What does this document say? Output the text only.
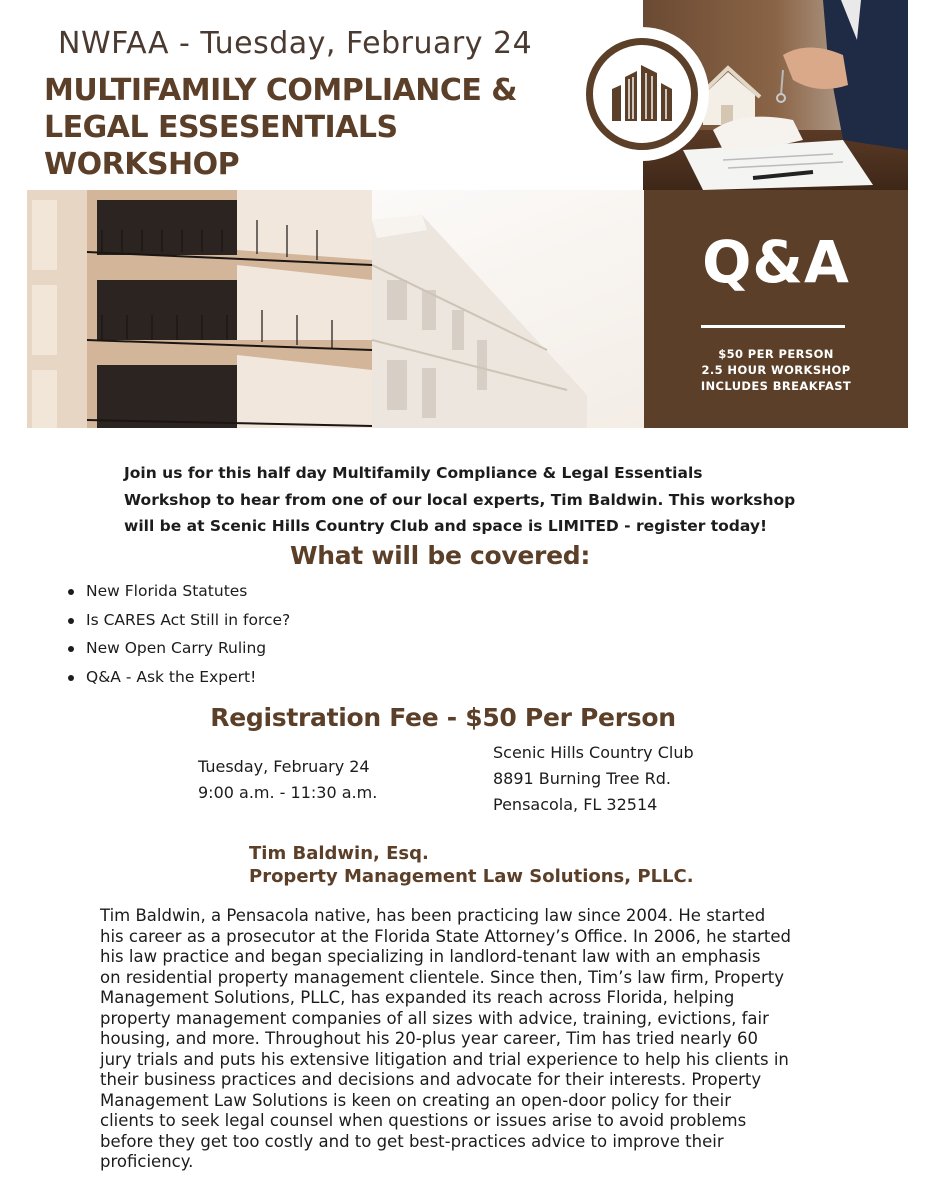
NWFAA - Tuesday, February 24
MULTIFAMILY COMPLIANCE &
LEGAL ESSESENTIALS
WORKSHOP
Q&A
$50 PER PERSON
2.5 HOUR WORKSHOP
INCLUDES BREAKFAST
Join us for this half day Multifamily Compliance & Legal Essentials
Workshop to hear from one of our local experts, Tim Baldwin. This workshop
will be at Scenic Hills Country Club and space is LIMITED - register today!
What will be covered:
New Florida Statutes
Is CARES Act Still in force?
New Open Carry Ruling
Q&A - Ask the Expert!
Registration Fee - $50 Per Person
Tuesday, February 24
9:00 a.m. - 11:30 a.m.
Scenic Hills Country Club
8891 Burning Tree Rd.
Pensacola, FL 32514
Tim Baldwin, Esq.
Property Management Law Solutions, PLLC.
Tim Baldwin, a Pensacola native, has been practicing law since 2004. He started
his career as a prosecutor at the Florida State Attorney’s Office. In 2006, he started
his law practice and began specializing in landlord-tenant law with an emphasis
on residential property management clientele. Since then, Tim’s law firm, Property
Management Solutions, PLLC, has expanded its reach across Florida, helping
property management companies of all sizes with advice, training, evictions, fair
housing, and more. Throughout his 20-plus year career, Tim has tried nearly 60
jury trials and puts his extensive litigation and trial experience to help his clients in
their business practices and decisions and advocate for their interests. Property
Management Law Solutions is keen on creating an open-door policy for their
clients to seek legal counsel when questions or issues arise to avoid problems
before they get too costly and to get best-practices advice to improve their
proficiency.
